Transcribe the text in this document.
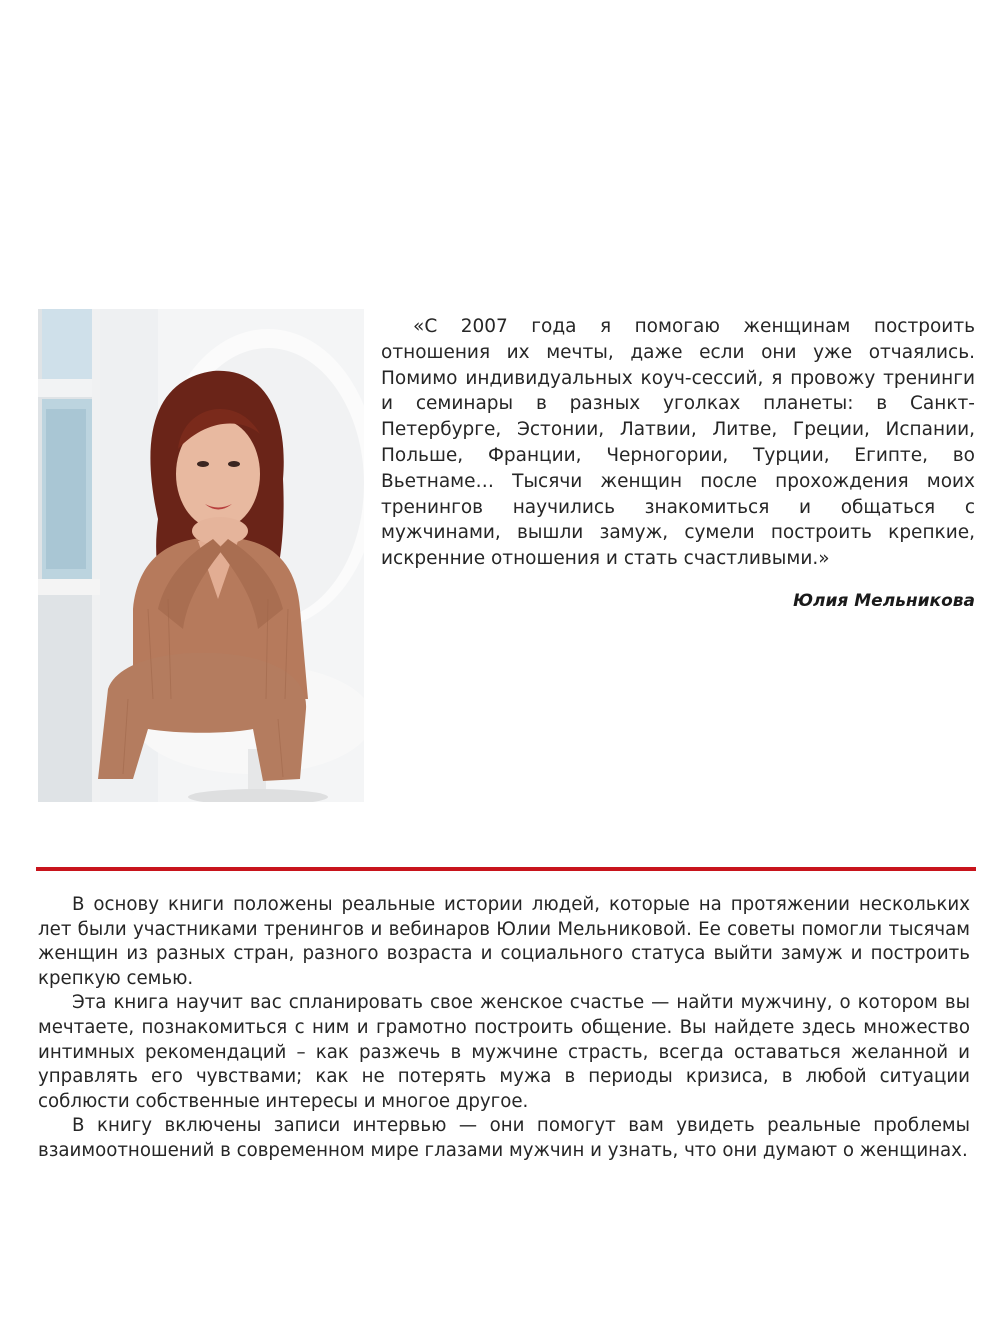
«С 2007 года я помогаю женщинам построить отношения их мечты, даже если они уже отчаялись. Помимо индивидуальных коуч-сессий, я провожу тренинги и семинары в разных уголках планеты: в Санкт-Петербурге, Эстонии, Латвии, Литве, Греции, Испании, Польше, Франции, Черногории, Турции, Египте, во Вьетнаме… Тысячи женщин после прохождения моих тренингов научились знакомиться и общаться с мужчинами, вышли замуж, сумели построить крепкие, искренние отношения и стать счастливыми.»
Юлия Мельникова

В основу книги положены реальные истории людей, которые на протяжении нескольких лет были участниками тренингов и вебинаров Юлии Мельниковой. Ее советы помогли тысячам женщин из разных стран, разного возраста и социального статуса выйти замуж и построить крепкую семью.

Эта книга научит вас спланировать свое женское счастье — найти мужчину, о котором вы мечтаете, познакомиться с ним и грамотно построить общение. Вы найдете здесь множество интимных рекомендаций – как разжечь в мужчине страсть, всегда оставаться желанной и управлять его чувствами; как не потерять мужа в периоды кризиса, в любой ситуации соблюсти собственные интересы и многое другое.

В книгу включены записи интервью — они помогут вам увидеть реальные проблемы взаимоотношений в современном мире глазами мужчин и узнать, что они думают о женщинах.
